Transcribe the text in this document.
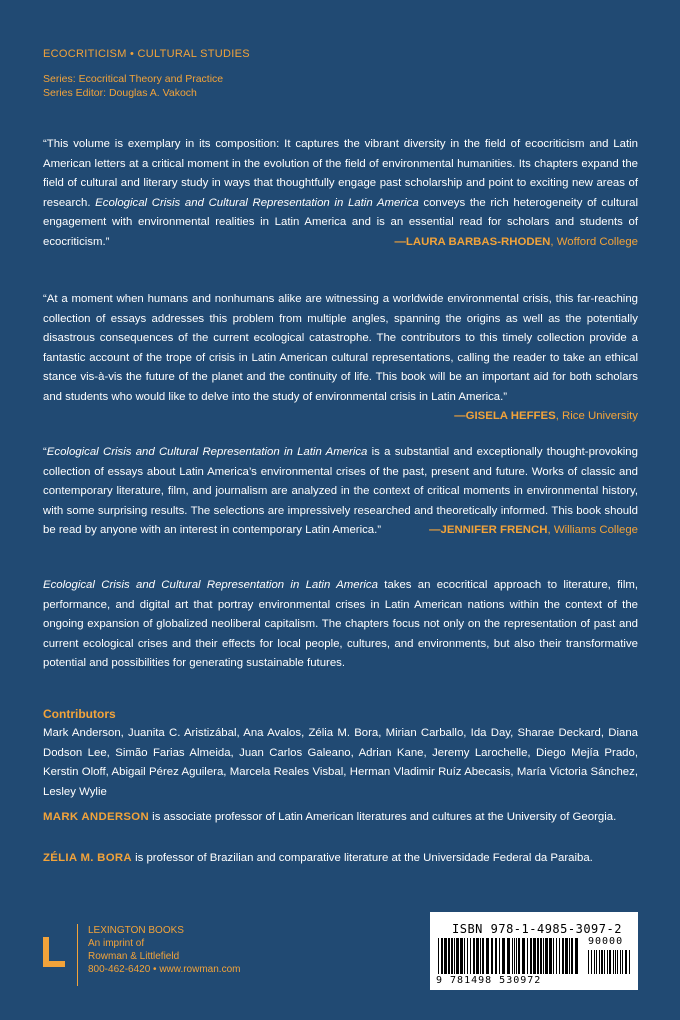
ECOCRITICISM • CULTURAL STUDIES
Series: Ecocritical Theory and Practice
Series Editor: Douglas A. Vakoch
“This volume is exemplary in its composition: It captures the vibrant diversity in the field of ecocriticism and Latin American letters at a critical moment in the evolution of the field of environmental humanities. Its chapters expand the field of cultural and literary study in ways that thoughtfully engage past scholarship and point to exciting new areas of research. Ecological Crisis and Cultural Representation in Latin America conveys the rich heterogeneity of cultural engagement with environmental realities in Latin America and is an essential read for scholars and students of ecocriticism.”	—LAURA BARBAS-RHODEN, Wofford College
“At a moment when humans and nonhumans alike are witnessing a worldwide environmental crisis, this far-reaching collection of essays addresses this problem from multiple angles, spanning the origins as well as the potentially disastrous consequences of the current ecological catastrophe. The contributors to this timely collection provide a fantastic account of the trope of crisis in Latin American cultural representations, calling the reader to take an ethical stance vis-à-vis the future of the planet and the continuity of life. This book will be an important aid for both scholars and students who would like to delve into the study of environmental crisis in Latin America.”
—GISELA HEFFES, Rice University
“Ecological Crisis and Cultural Representation in Latin America is a substantial and exceptionally thought-provoking collection of essays about Latin America’s environmental crises of the past, present and future. Works of classic and contemporary literature, film, and journalism are analyzed in the context of critical moments in environmental history, with some surprising results. The selections are impressively researched and theoretically informed. This book should be read by anyone with an interest in contemporary Latin America.”	—JENNIFER FRENCH, Williams College
Ecological Crisis and Cultural Representation in Latin America takes an ecocritical approach to literature, film, performance, and digital art that portray environmental crises in Latin American nations within the context of the ongoing expansion of globalized neoliberal capitalism. The chapters focus not only on the representation of past and current ecological crises and their effects for local people, cultures, and environments, but also their transformative potential and possibilities for generating sustainable futures.
Contributors
Mark Anderson, Juanita C. Aristizábal, Ana Avalos, Zélia M. Bora, Mirian Carballo, Ida Day, Sharae Deckard, Diana Dodson Lee, Simão Farias Almeida, Juan Carlos Galeano, Adrian Kane, Jeremy Larochelle, Diego Mejía Prado, Kerstin Oloff, Abigail Pérez Aguilera, Marcela Reales Visbal, Herman Vladimir Ruíz Abecasis, María Victoria Sánchez, Lesley Wylie
MARK ANDERSON is associate professor of Latin American literatures and cultures at the University of Georgia.
ZÉLIA M. BORA is professor of Brazilian and comparative literature at the Universidade Federal da Paraiba.
LEXINGTON BOOKS
An imprint of
Rowman & Littlefield
800-462-6420 • www.rowman.com
ISBN 978-1-4985-3097-2
90000
9 781498 530972
